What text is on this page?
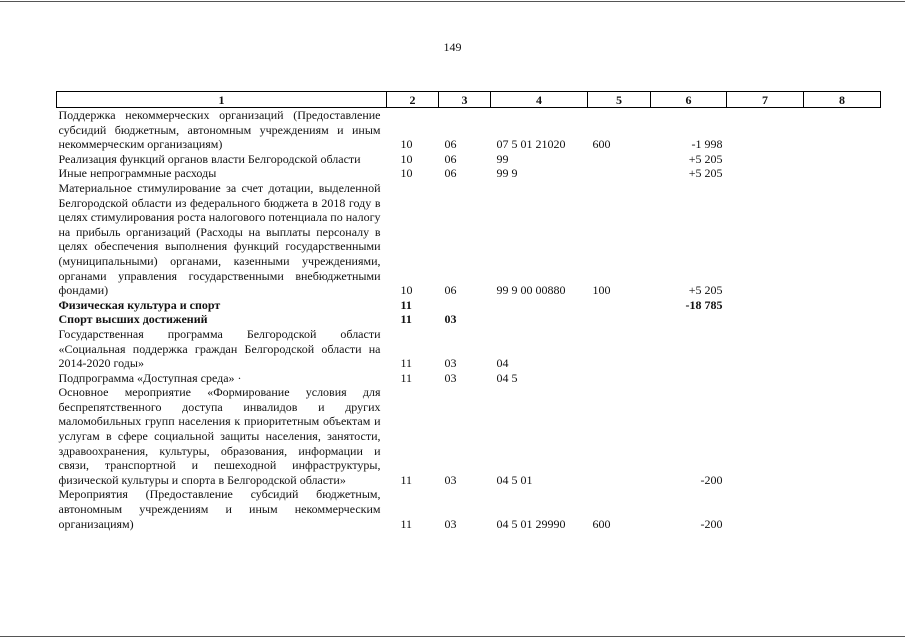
149
1	2	3	4	5	6	7	8
Поддержка некоммерческих организаций (Предоставление субсидий бюджетным, автономным учреждениям и иным некоммерческим организациям)	10	06	07 5 01 21020	600	-1 998		
Реализация функций органов власти Белгородской области	10	06	99		+5 205		
Иные непрограммные расходы	10	06	99 9		+5 205		
Материальное стимулирование за счет дотации, выделенной Белгородской области из федерального бюджета в 2018 году в целях стимулирования роста налогового потенциала по налогу на прибыль организаций (Расходы на выплаты персоналу в целях обеспечения выполнения функций государственными (муниципальными) органами, казенными учреждениями, органами управления государственными внебюджетными фондами)	10	06	99 9 00 00880	100	+5 205		
Физическая культура и спорт	11				-18 785		
Спорт высших достижений	11	03					
Государственная программа Белгородской области «Социальная поддержка граждан Белгородской области на 2014-2020 годы»	11	03	04				
Подпрограмма «Доступная среда» ·	11	03	04 5				
Основное мероприятие «Формирование условия для беспрепятственного доступа инвалидов и других маломобильных групп населения к приоритетным объектам и услугам в сфере социальной защиты населения, занятости, здравоохранения, культуры, образования, информации и связи, транспортной и пешеходной инфраструктуры, физической культуры и спорта в Белгородской области»	11	03	04 5 01		-200		
Мероприятия (Предоставление субсидий бюджетным, автономным учреждениям и иным некоммерческим организациям)	11	03	04 5 01 29990	600	-200		
